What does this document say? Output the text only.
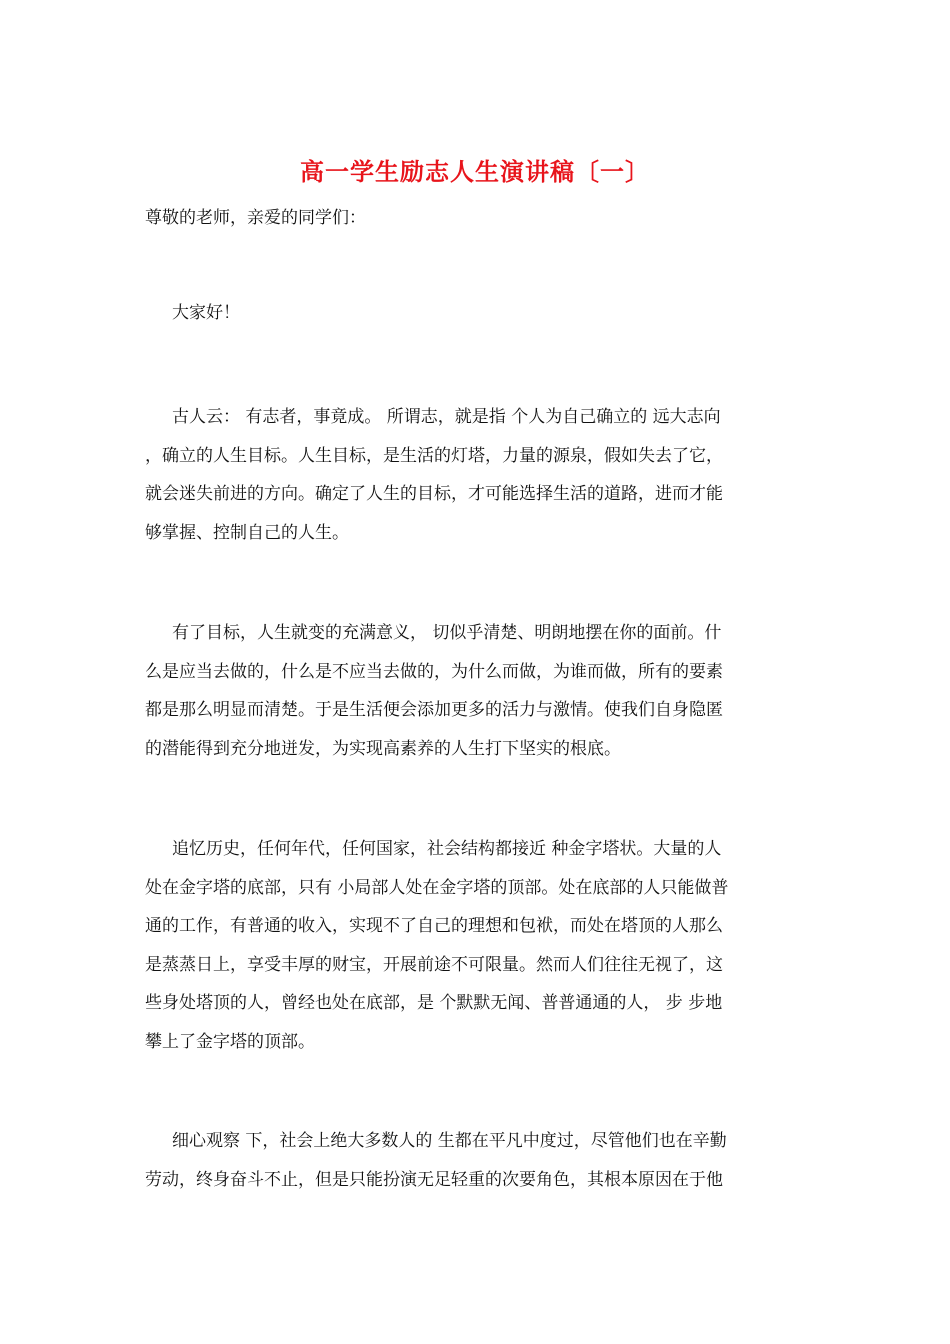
高一学生励志人生演讲稿〔一〕
尊敬的老师，亲爱的同学们：
大家好！
古人云： 有志者，事竟成。 所谓志，就是指 个人为自己确立的 远大志向
，确立的人生目标。人生目标，是生活的灯塔，力量的源泉，假如失去了它，
就会迷失前进的方向。确定了人生的目标，才可能选择生活的道路，进而才能
够掌握、控制自己的人生。
有了目标，人生就变的充满意义， 切似乎清楚、明朗地摆在你的面前。什
么是应当去做的，什么是不应当去做的，为什么而做，为谁而做，所有的要素
都是那么明显而清楚。于是生活便会添加更多的活力与激情。使我们自身隐匿
的潜能得到充分地迸发，为实现高素养的人生打下坚实的根底。
追忆历史，任何年代，任何国家，社会结构都接近 种金字塔状。大量的人
处在金字塔的底部，只有 小局部人处在金字塔的顶部。处在底部的人只能做普
通的工作，有普通的收入，实现不了自己的理想和包袱，而处在塔顶的人那么
是蒸蒸日上，享受丰厚的财宝，开展前途不可限量。然而人们往往无视了，这
些身处塔顶的人，曾经也处在底部，是 个默默无闻、普普通通的人， 步 步地
攀上了金字塔的顶部。
细心观察 下，社会上绝大多数人的 生都在平凡中度过，尽管他们也在辛勤
劳动，终身奋斗不止，但是只能扮演无足轻重的次要角色，其根本原因在于他
